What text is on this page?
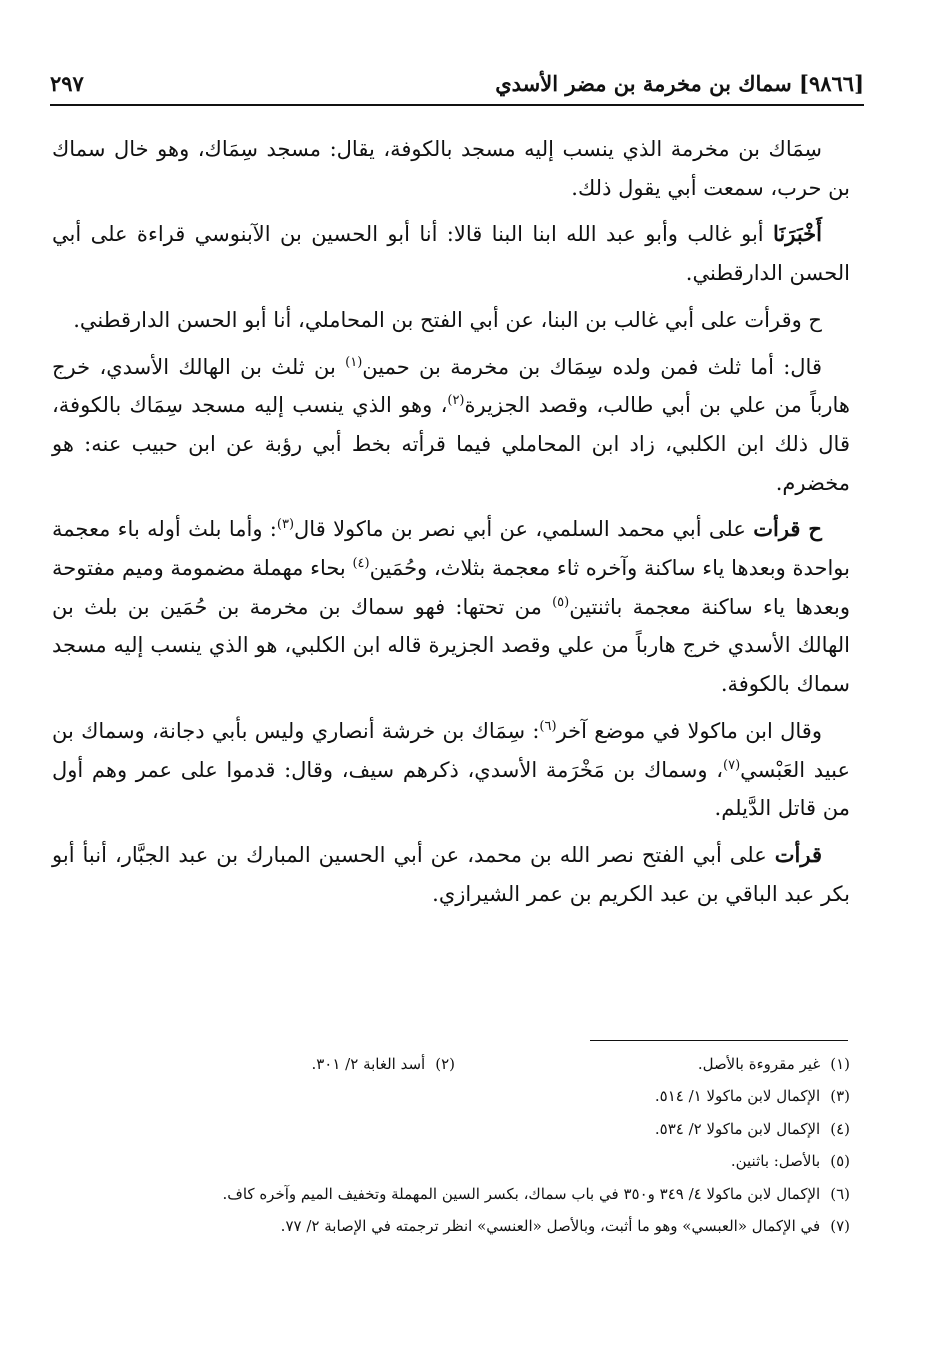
[٩٨٦٦] سماك بن مخرمة بن مضر الأسدي
٢٩٧

سِمَاك بن مخرمة الذي ينسب إليه مسجد بالكوفة، يقال: مسجد سِمَاك، وهو خال سماك بن حرب، سمعت أبي يقول ذلك.

أَخْبَرَنَا أبو غالب وأبو عبد الله ابنا البنا قالا: أنا أبو الحسين بن الآبنوسي قراءة على أبي الحسن الدارقطني.

ح وقرأت على أبي غالب بن البنا، عن أبي الفتح بن المحاملي، أنا أبو الحسن الدارقطني.

قال: أما ثلث فمن ولده سِمَاك بن مخرمة بن حمين$^{(١)}$ بن ثلث بن الهالك الأسدي، خرج هارباً من علي بن أبي طالب، وقصد الجزيرة$^{(٢)}$، وهو الذي ينسب إليه مسجد سِمَاك بالكوفة، قال ذلك ابن الكلبي، زاد ابن المحاملي فيما قرأته بخط أبي رؤبة عن ابن حبيب عنه: هو مخضرم.

ح قرأت على أبي محمد السلمي، عن أبي نصر بن ماكولا قال$^{(٣)}$: وأما بلث أوله باء معجمة بواحدة وبعدها ياء ساكنة وآخره ثاء معجمة بثلاث، وحُمَين$^{(٤)}$ بحاء مهملة مضمومة وميم مفتوحة وبعدها ياء ساكنة معجمة باثنتين$^{(٥)}$ من تحتها: فهو سماك بن مخرمة بن حُمَين بن بلث بن الهالك الأسدي خرج هارباً من علي وقصد الجزيرة قاله ابن الكلبي، هو الذي ينسب إليه مسجد سماك بالكوفة.

وقال ابن ماكولا في موضع آخر$^{(٦)}$: سِمَاك بن خرشة أنصاري وليس بأبي دجانة، وسماك بن عبيد العَبْسي$^{(٧)}$، وسماك بن مَخْرَمة الأسدي، ذكرهم سيف، وقال: قدموا على عمر وهم أول من قاتل الدَّيلم.

قرأت على أبي الفتح نصر الله بن محمد، عن أبي الحسين المبارك بن عبد الجبَّار، أنبأ أبو بكر عبد الباقي بن عبد الكريم بن عمر الشيرازي.

(١)غير مقروءة بالأصل.
(٢)أسد الغابة ٢/ ٣٠١.
(٣)الإكمال لابن ماكولا ١/ ٥١٤.
(٤)الإكمال لابن ماكولا ٢/ ٥٣٤.
(٥)بالأصل: باثنين.
(٦)الإكمال لابن ماكولا ٤/ ٣٤٩ و٣٥٠ في باب سماك، بكسر السين المهملة وتخفيف الميم وآخره كاف.
(٧)في الإكمال «العبسي» وهو ما أثبت، وبالأصل «العنسي» انظر ترجمته في الإصابة ٢/ ٧٧.
